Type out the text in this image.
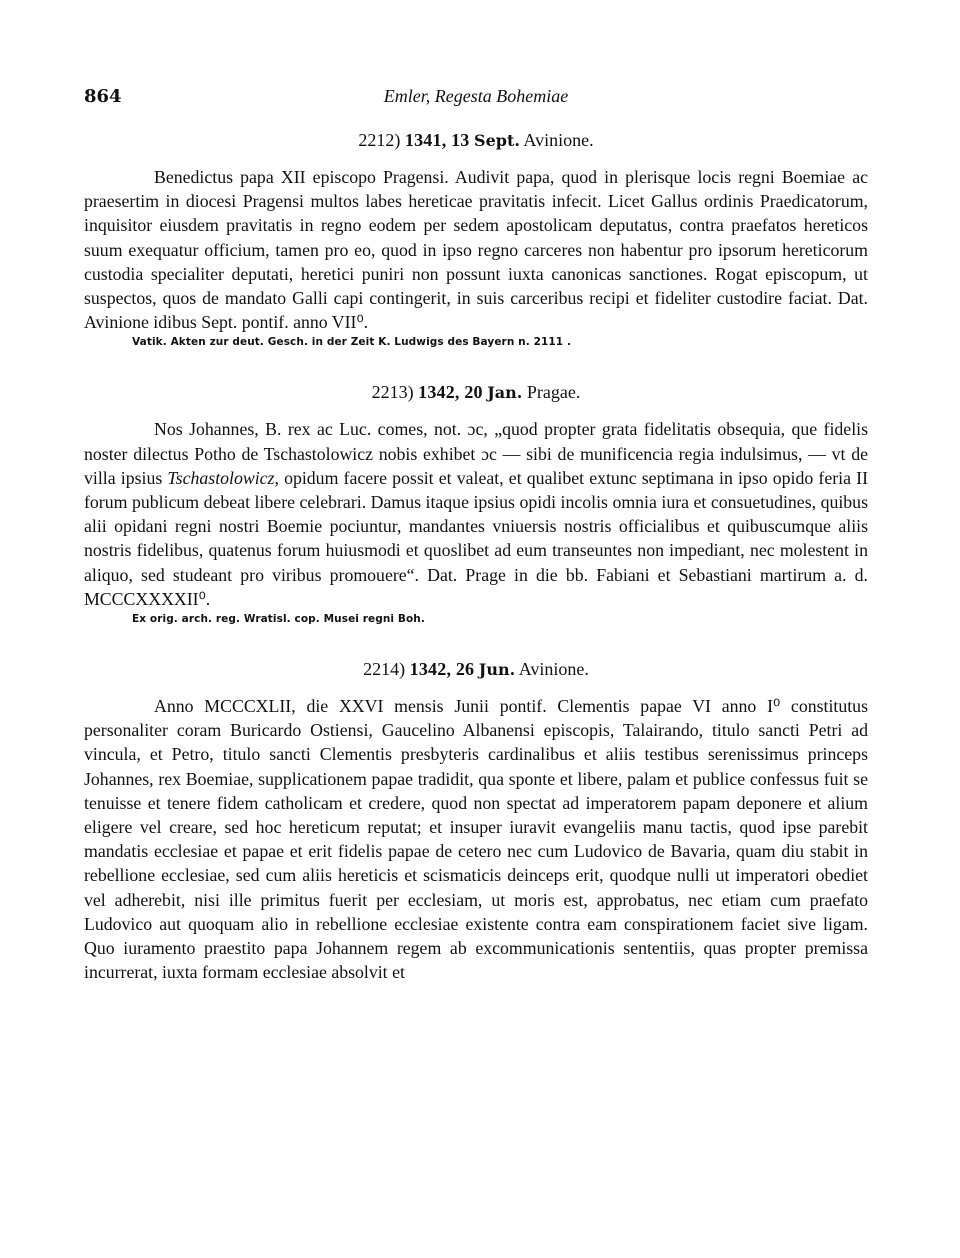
864	Emler, Regesta Bohemiae
2212) 1341, 13 Sept. Avinione.

Benedictus papa XII episcopo Pragensi. Audivit papa, quod in plerisque locis regni Boemiae ac praesertim in diocesi Pragensi multos labes hereticae pravitatis infecit. Licet Gallus ordinis Praedicatorum, inquisitor eiusdem pravitatis in regno eodem per sedem apostolicam deputatus, contra praefatos hereticos suum exequatur officium, tamen pro eo, quod in ipso regno carceres non habentur pro ipsorum hereticorum custodia specialiter deputati, heretici puniri non possunt iuxta canonicas sanctiones. Rogat episcopum, ut suspectos, quos de mandato Galli capi contingerit, in suis carceribus recipi et fideliter custodire faciat. Dat. Avinione idibus Sept. pontif. anno VII⁰.

Vatik. Akten zur deut. Gesch. in der Zeit K. Ludwigs des Bayern n. 2111 .
2213) 1342, 20 Jan. Pragae.

Nos Johannes, B. rex ac Luc. comes, not. ɔc, „quod propter grata fidelitatis obsequia, que fidelis noster dilectus Potho de Tschastolowicz nobis exhibet ɔc — sibi de munificencia regia indulsimus, — vt de villa ipsius Tschastolowicz, opidum facere possit et valeat, et qualibet extunc septimana in ipso opido feria II forum publicum debeat libere celebrari. Damus itaque ipsius opidi incolis omnia iura et consuetudines, quibus alii opidani regni nostri Boemie pociuntur, mandantes vniuersis nostris officialibus et quibuscumque aliis nostris fidelibus, quatenus forum huiusmodi et quoslibet ad eum transeuntes non impediant, nec molestent in aliquo, sed studeant pro viribus promouere“. Dat. Prage in die bb. Fabiani et Sebastiani martirum a. d. MCCCXXXXII⁰.

Ex orig. arch. reg. Wratisl. cop. Musei regni Boh.
2214) 1342, 26 Jun. Avinione.

Anno MCCCXLII, die XXVI mensis Junii pontif. Clementis papae VI anno I⁰ constitutus personaliter coram Buricardo Ostiensi, Gaucelino Albanensi episcopis, Talairando, titulo sancti Petri ad vincula, et Petro, titulo sancti Clementis presbyteris cardinalibus et aliis testibus serenissimus princeps Johannes, rex Boemiae, supplicationem papae tradidit, qua sponte et libere, palam et publice confessus fuit se tenuisse et tenere fidem catholicam et credere, quod non spectat ad imperatorem papam deponere et alium eligere vel creare, sed hoc hereticum reputat; et insuper iuravit evangeliis manu tactis, quod ipse parebit mandatis ecclesiae et papae et erit fidelis papae de cetero nec cum Ludovico de Bavaria, quam diu stabit in rebellione ecclesiae, sed cum aliis hereticis et scismaticis deinceps erit, quodque nulli ut imperatori obediet vel adherebit, nisi ille primitus fuerit per ecclesiam, ut moris est, approbatus, nec etiam cum praefato Ludovico aut quoquam alio in rebellione ecclesiae existente contra eam conspirationem faciet sive ligam. Quo iuramento praestito papa Johannem regem ab excommunicationis sententiis, quas propter premissa incurrerat, iuxta formam ecclesiae absolvit et
